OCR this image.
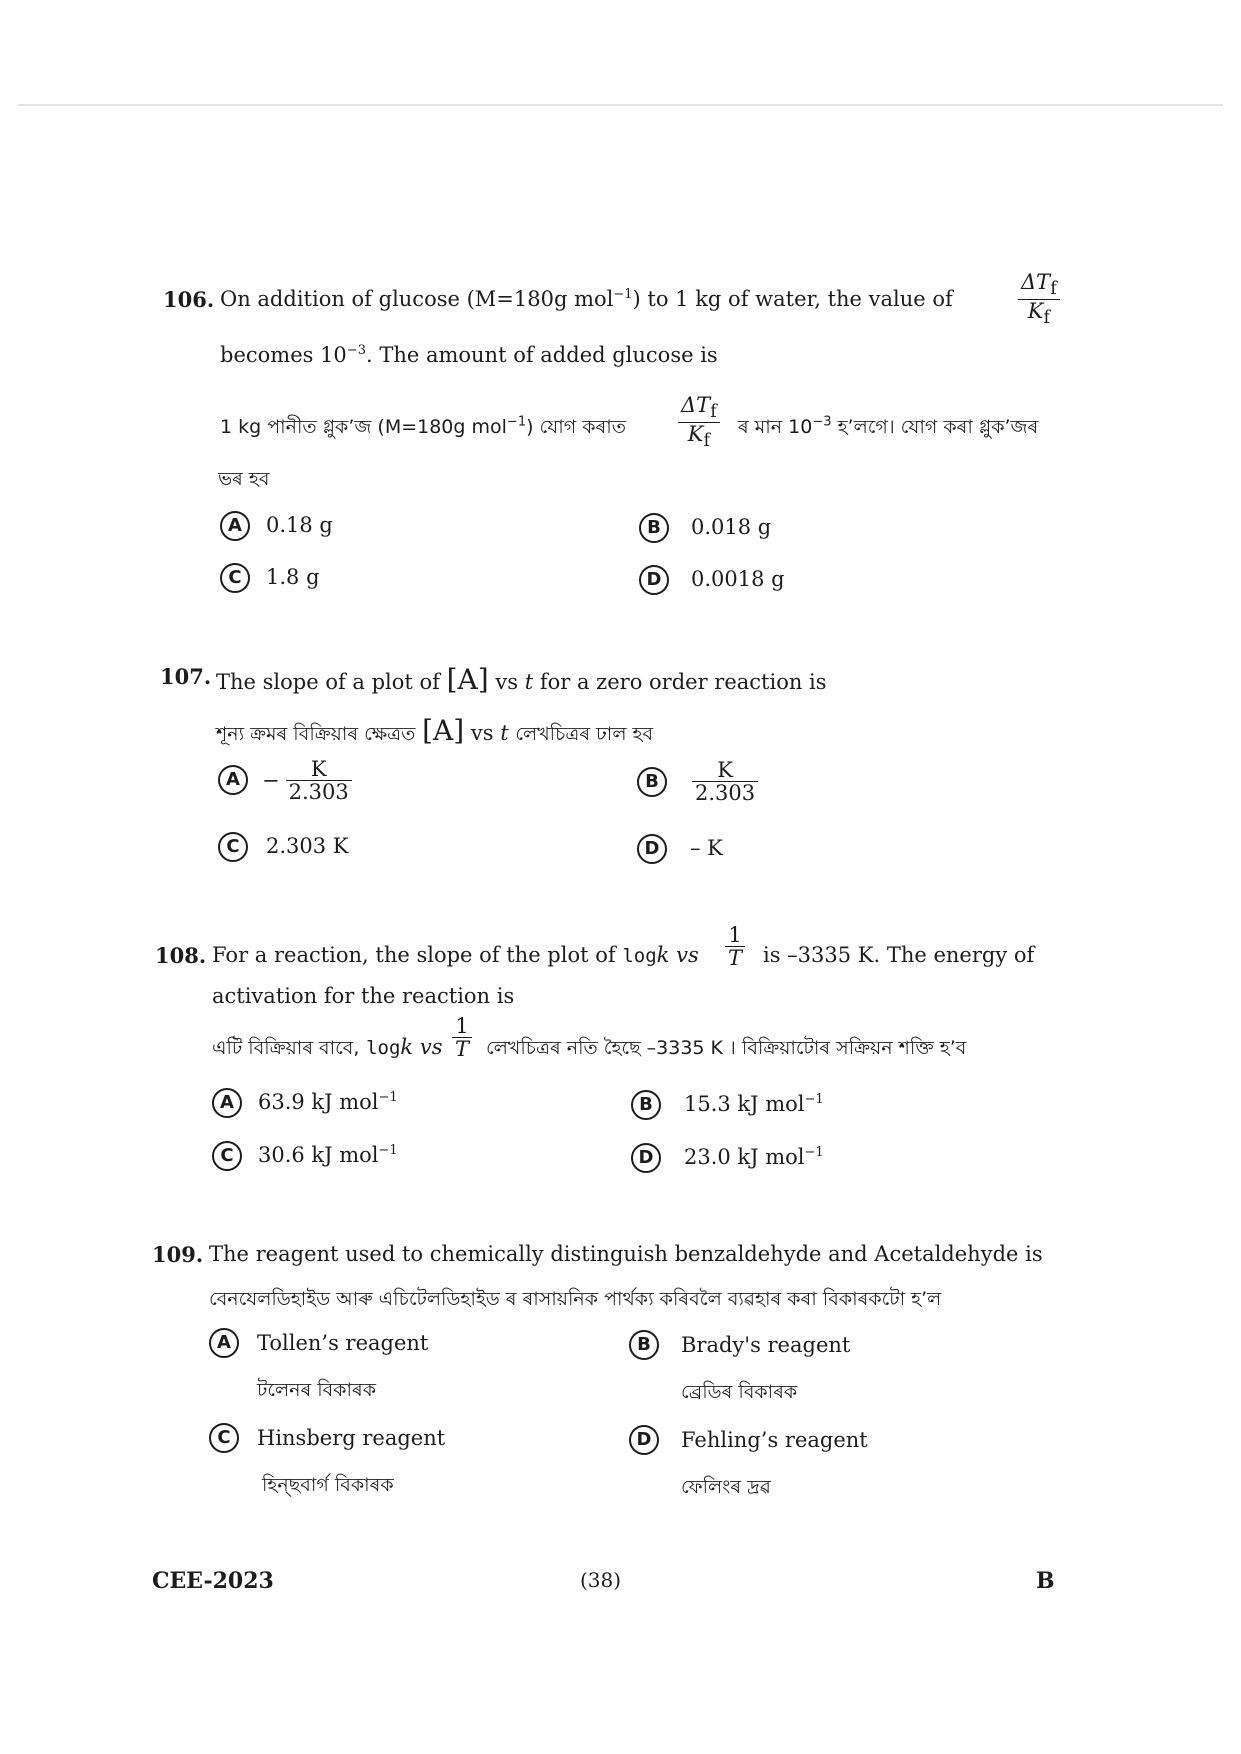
106. On addition of glucose (M=180g mol$^{-1}$) to 1 kg of water, the value of	$\frac{\Delta T_f}{K_f}$
becomes $10^{-3}$. The amount of added glucose is
1 kg পানীত গ্লুক’জ (M=180g mol$^{-1}$) যোগ কৰাত $\frac{\Delta T_f}{K_f}$ ৰ মান $10^{-3}$ হ’লগে। যোগ কৰা গ্লুক’জৰ
ভৰ হব
A	0.18 g	B	0.018 g
C	1.8 g	D	0.0018 g
107. The slope of a plot of [A] vs t for a zero order reaction is
শূন্য ক্ৰমৰ বিক্ৰিয়াৰ ক্ষেত্ৰত [A] vs t লেখচিত্ৰৰ ঢাল হব
A	− $\frac{K}{2.303}$	B	$\frac{K}{2.303}$
C	2.303 K	D	– K
108. For a reaction, the slope of the plot of logk vs $\frac{1}{T}$ is –3335 K. The energy of
activation for the reaction is
এটি বিক্ৰিয়াৰ বাবে, logk vs $\frac{1}{T}$ লেখচিত্ৰৰ নতি হৈছে –3335 K । বিক্ৰিয়াটোৰ সক্ৰিয়ন শক্তি হ’ব
A	63.9 kJ mol$^{-1}$	B	15.3 kJ mol$^{-1}$
C	30.6 kJ mol$^{-1}$	D	23.0 kJ mol$^{-1}$
109. The reagent used to chemically distinguish benzaldehyde and Acetaldehyde is
বেনযেলডিহাইড আৰু এচিটেলডিহাইড ৰ ৰাসায়নিক পাৰ্থক্য কৰিবলৈ ব্যৱহাৰ কৰা বিকাৰকটো হ’ল
A	Tollen’s reagent
টলেনৰ বিকাৰক
B	Brady's reagent
ব্ৰেডিৰ বিকাৰক
C	Hinsberg reagent
হিন্‌ছবাৰ্গ বিকাৰক
D	Fehling’s reagent
ফেলিংৰ দ্ৰৱ
CEE-2023	(38)	B
